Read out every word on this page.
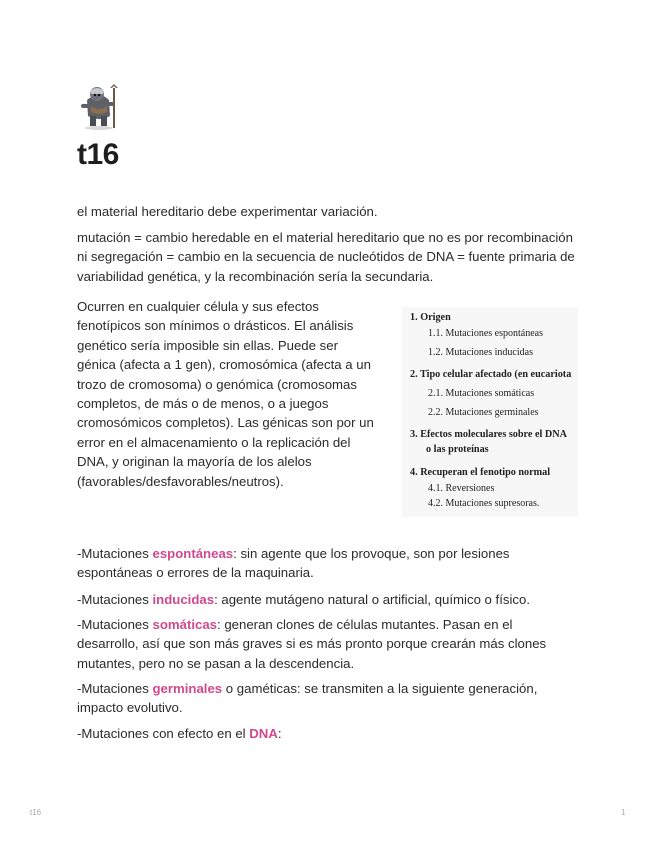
t16

el material hereditario debe experimentar variación.

mutación = cambio heredable en el material hereditario que no es por recombinación ni segregación = cambio en la secuencia de nucleótidos de DNA = fuente primaria de variabilidad genética, y la recombinación sería la secundaria.

Ocurren en cualquier célula y sus efectos fenotípicos son mínimos o drásticos. El análisis genético sería imposible sin ellas. Puede ser génica (afecta a 1 gen), cromosómica (afecta a un trozo de cromosoma) o genómica (cromosomas completos, de más o de menos, o a juegos cromosómicos completos). Las génicas son por un error en el almacenamiento o la replicación del DNA, y originan la mayoría de los alelos (favorables/desfavorables/neutros).

1. Origen
1.1. Mutaciones espontáneas
1.2. Mutaciones inducidas
2. Tipo celular afectado (en eucariota
2.1. Mutaciones somáticas
2.2. Mutaciones germinales
3. Efectos moleculares sobre el DNA
o las proteínas
4. Recuperan el fenotipo normal
4.1. Reversiones
4.2. Mutaciones supresoras.

-Mutaciones espontáneas: sin agente que los provoque, son por lesiones espontáneas o errores de la maquinaria.

-Mutaciones inducidas: agente mutágeno natural o artificial, químico o físico.

-Mutaciones somáticas: generan clones de células mutantes. Pasan en el desarrollo, así que son más graves si es más pronto porque crearán más clones mutantes, pero no se pasan a la descendencia.

-Mutaciones germinales o gaméticas: se transmiten a la siguiente generación, impacto evolutivo.

-Mutaciones con efecto en el DNA:

t16	1
